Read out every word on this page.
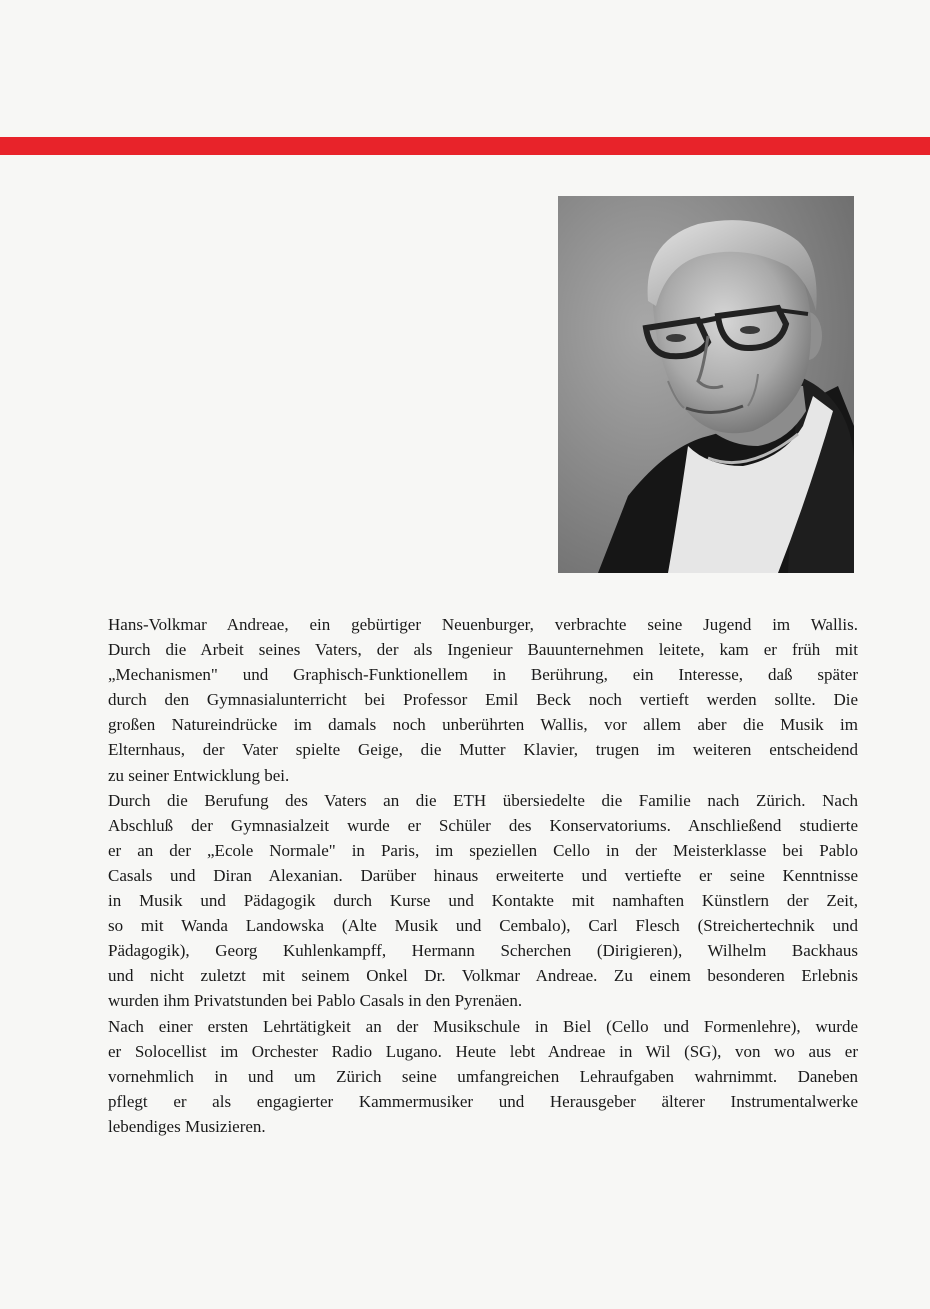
Hans-Volkmar Andreae, ein gebürtiger Neuenburger, verbrachte seine Jugend im Wallis.
Durch die Arbeit seines Vaters, der als Ingenieur Bauunternehmen leitete, kam er früh mit
„Mechanismen" und Graphisch-Funktionellem in Berührung, ein Interesse, daß später
durch den Gymnasialunterricht bei Professor Emil Beck noch vertieft werden sollte. Die
großen Natureindrücke im damals noch unberührten Wallis, vor allem aber die Musik im
Elternhaus, der Vater spielte Geige, die Mutter Klavier, trugen im weiteren entscheidend
zu seiner Entwicklung bei.

Durch die Berufung des Vaters an die ETH übersiedelte die Familie nach Zürich. Nach
Abschluß der Gymnasialzeit wurde er Schüler des Konservatoriums. Anschließend studierte
er an der „Ecole Normale" in Paris, im speziellen Cello in der Meisterklasse bei Pablo
Casals und Diran Alexanian. Darüber hinaus erweiterte und vertiefte er seine Kenntnisse
in Musik und Pädagogik durch Kurse und Kontakte mit namhaften Künstlern der Zeit,
so mit Wanda Landowska (Alte Musik und Cembalo), Carl Flesch (Streichertechnik und
Pädagogik), Georg Kuhlenkampff, Hermann Scherchen (Dirigieren), Wilhelm Backhaus
und nicht zuletzt mit seinem Onkel Dr. Volkmar Andreae. Zu einem besonderen Erlebnis
wurden ihm Privatstunden bei Pablo Casals in den Pyrenäen.

Nach einer ersten Lehrtätigkeit an der Musikschule in Biel (Cello und Formenlehre), wurde
er Solocellist im Orchester Radio Lugano. Heute lebt Andreae in Wil (SG), von wo aus er
vornehmlich in und um Zürich seine umfangreichen Lehraufgaben wahrnimmt. Daneben
pflegt er als engagierter Kammermusiker und Herausgeber älterer Instrumentalwerke
lebendiges Musizieren.
